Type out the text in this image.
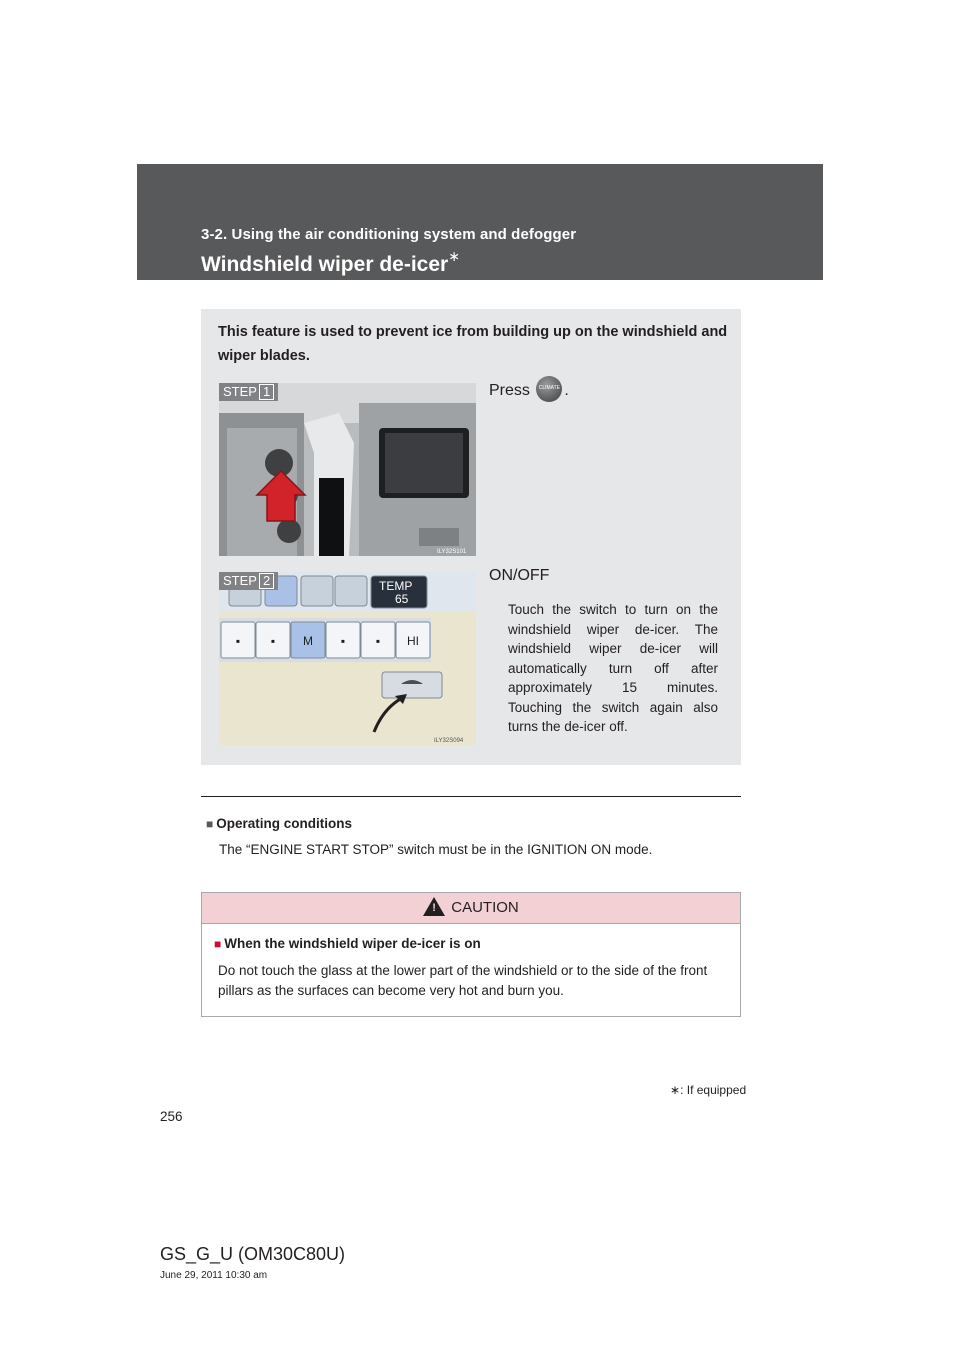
3-2. Using the air conditioning system and defogger
Windshield wiper de-icer∗
This feature is used to prevent ice from building up on the windshield and wiper blades.
STEP 1
ILY32S101
Press	CLIMATE .
STEP 2	TEMP
65
▪	▪ M ▪	▪ HI
ILY32S094
ON/OFF
Touch the switch to turn on the windshield wiper de-icer. The windshield wiper de-icer will automatically turn off after approximately 15 minutes. Touching the switch again also turns the de-icer off.
■ Operating conditions
The “ENGINE START STOP” switch must be in the IGNITION ON mode.
! CAUTION
■ When the windshield wiper de-icer is on
Do not touch the glass at the lower part of the windshield or to the side of the front pillars as the surfaces can become very hot and burn you.
∗: If equipped
256
GS_G_U (OM30C80U)
June 29, 2011 10:30 am
